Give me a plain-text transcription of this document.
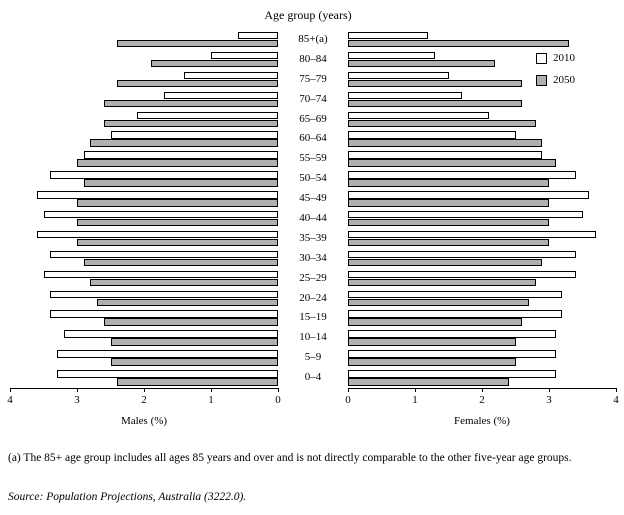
Age group (years)
85+(a)
80–84
75–79
70–74
65–69
60–64
55–59
50–54
45–49
40–44
35–39
30–34
25–29
20–24
15–19
10–14
5–9
0–4
2010
2050
Males (%)	Females (%)
(a) The 85+ age group includes all ages 85 years and over and is not directly comparable to the other five-year age groups.
Source: Population Projections, Australia (3222.0).
4	3	2	1	0	0	1	2	3	4
